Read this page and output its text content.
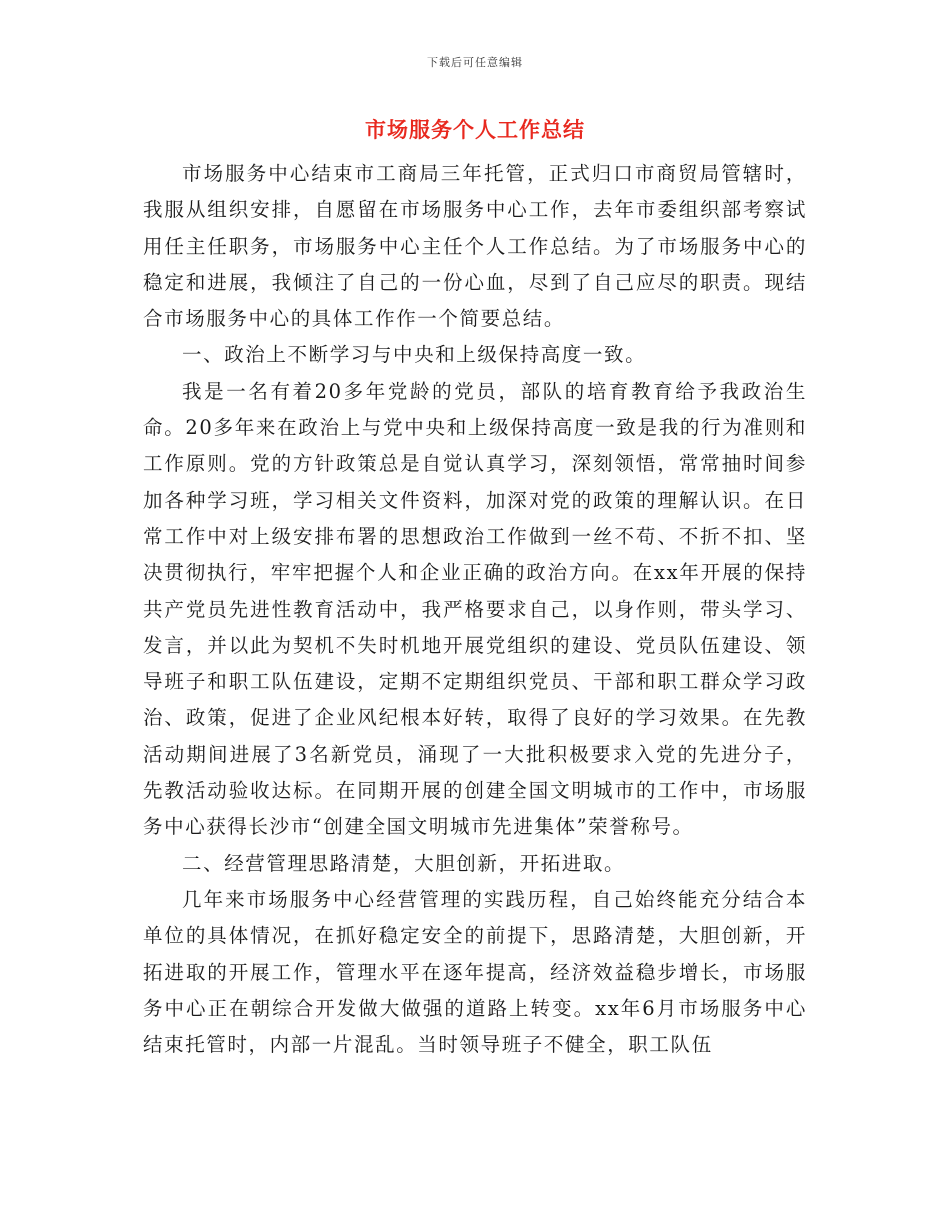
下载后可任意编辑
市场服务个人工作总结

市场服务中心结束市工商局三年托管，正式归口市商贸局管辖时，我服从组织安排，自愿留在市场服务中心工作，去年市委组织部考察试用任主任职务，市场服务中心主任个人工作总结。为了市场服务中心的稳定和进展，我倾注了自己的一份心血，尽到了自己应尽的职责。现结合市场服务中心的具体工作作一个简要总结。

一、政治上不断学习与中央和上级保持高度一致。

我是一名有着20多年党龄的党员，部队的培育教育给予我政治生命。20多年来在政治上与党中央和上级保持高度一致是我的行为准则和工作原则。党的方针政策总是自觉认真学习，深刻领悟，常常抽时间参加各种学习班，学习相关文件资料，加深对党的政策的理解认识。在日常工作中对上级安排布署的思想政治工作做到一丝不苟、不折不扣、坚决贯彻执行，牢牢把握个人和企业正确的政治方向。在xx年开展的保持共产党员先进性教育活动中，我严格要求自己，以身作则，带头学习、发言，并以此为契机不失时机地开展党组织的建设、党员队伍建设、领导班子和职工队伍建设，定期不定期组织党员、干部和职工群众学习政治、政策，促进了企业风纪根本好转，取得了良好的学习效果。在先教活动期间进展了3名新党员，涌现了一大批积极要求入党的先进分子，先教活动验收达标。在同期开展的创建全国文明城市的工作中，市场服务中心获得长沙市“创建全国文明城市先进集体”荣誉称号。

二、经营管理思路清楚，大胆创新，开拓进取。

几年来市场服务中心经营管理的实践历程，自己始终能充分结合本单位的具体情况，在抓好稳定安全的前提下，思路清楚，大胆创新，开拓进取的开展工作，管理水平在逐年提高，经济效益稳步增长，市场服务中心正在朝综合开发做大做强的道路上转变。xx年6月市场服务中心结束托管时，内部一片混乱。当时领导班子不健全，职工队伍
